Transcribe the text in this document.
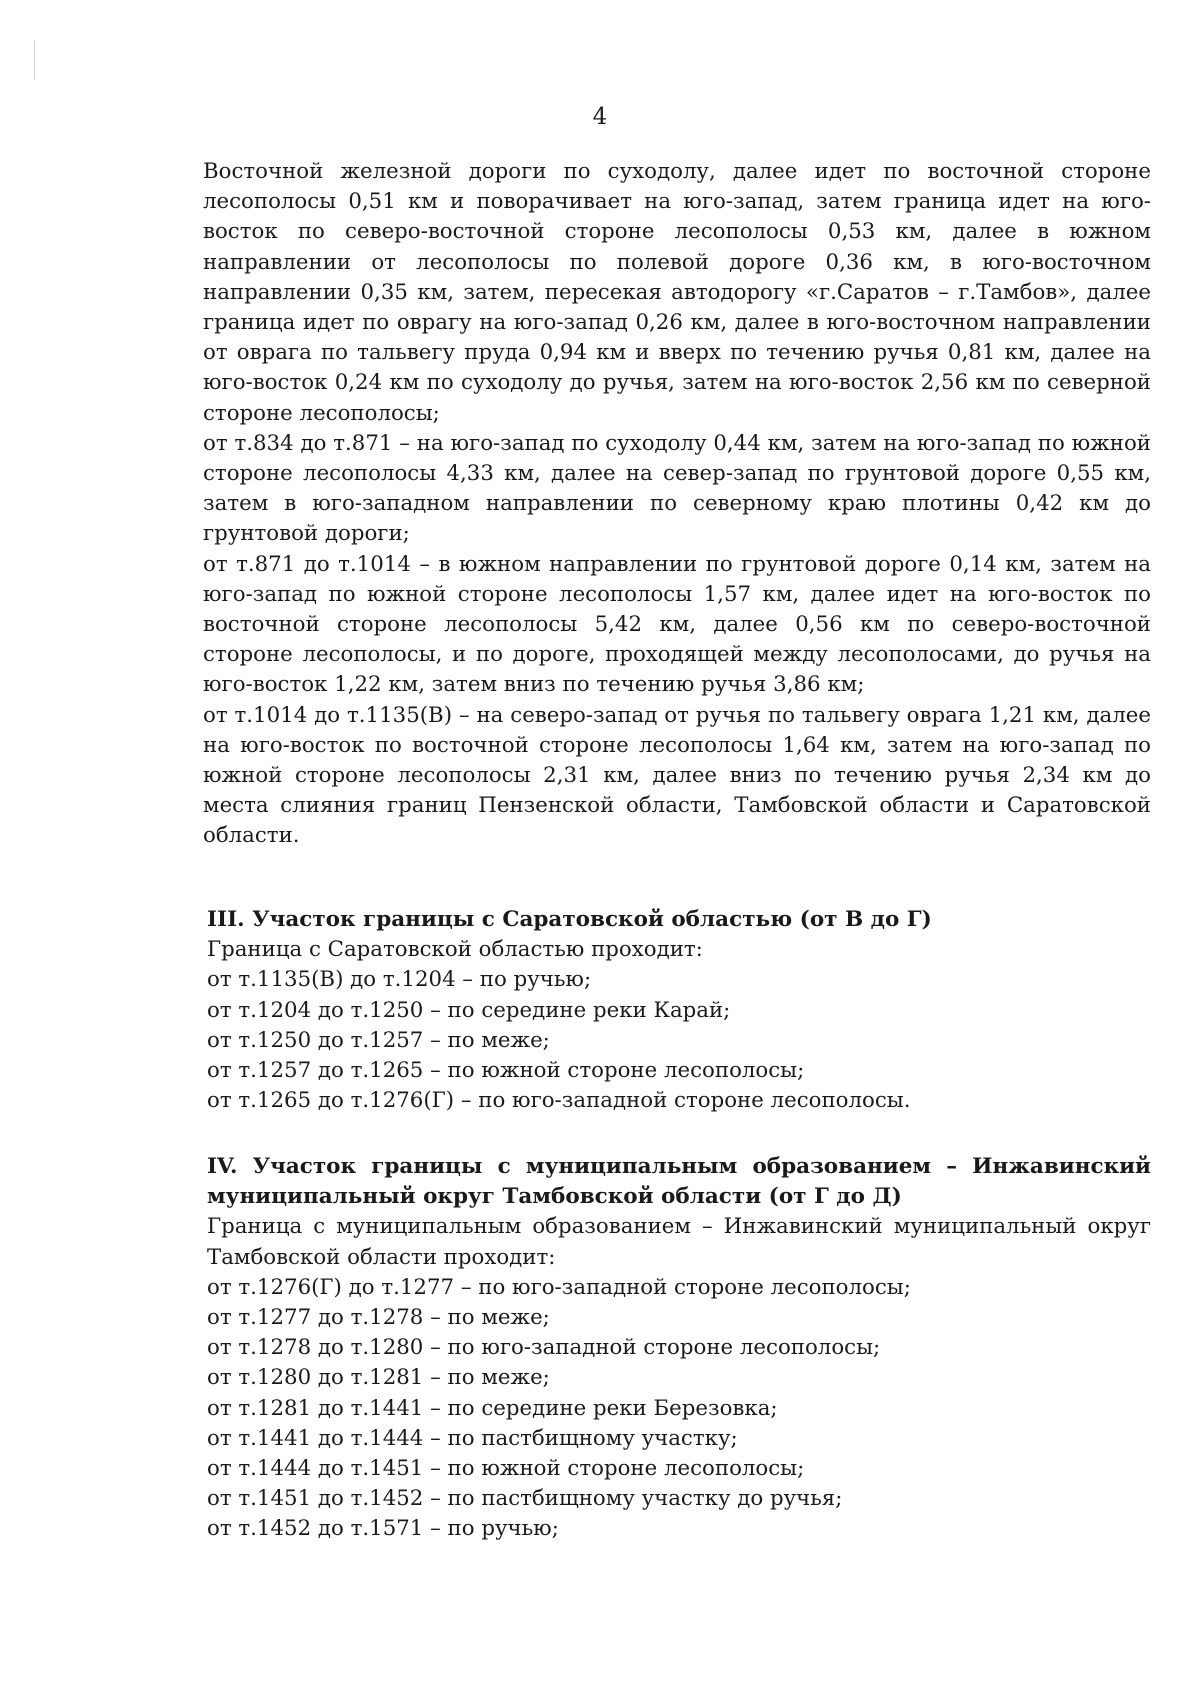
4

Восточной железной дороги по суходолу, далее идет по восточной стороне лесополосы 0,51 км и поворачивает на юго-запад, затем граница идет на юго-восток по северо-восточной стороне лесополосы 0,53 км, далее в южном направлении от лесополосы по полевой дороге 0,36 км, в юго-восточном направлении 0,35 км, затем, пересекая автодорогу «г.Саратов – г.Тамбов», далее граница идет по оврагу на юго-запад 0,26 км, далее в юго-восточном направлении от оврага по тальвегу пруда 0,94 км и вверх по течению ручья 0,81 км, далее на юго-восток 0,24 км по суходолу до ручья, затем на юго-восток 2,56 км по северной стороне лесополосы;

от т.834 до т.871 – на юго-запад по суходолу 0,44 км, затем на юго-запад по южной стороне лесополосы 4,33 км, далее на север-запад по грунтовой дороге 0,55 км, затем в юго-западном направлении по северному краю плотины 0,42 км до грунтовой дороги;

от т.871 до т.1014 – в южном направлении по грунтовой дороге 0,14 км, затем на юго-запад по южной стороне лесополосы 1,57 км, далее идет на юго-восток по восточной стороне лесополосы 5,42 км, далее 0,56 км по северо-восточной стороне лесополосы, и по дороге, проходящей между лесополосами, до ручья на юго-восток 1,22 км, затем вниз по течению ручья 3,86 км;

от т.1014 до т.1135(В) – на северо-запад от ручья по тальвегу оврага 1,21 км, далее на юго-восток по восточной стороне лесополосы 1,64 км, затем на юго-запад по южной стороне лесополосы 2,31 км, далее вниз по течению ручья 2,34 км до места слияния границ Пензенской области, Тамбовской области и Саратовской области.

III. Участок границы с Саратовской областью (от В до Г)

Граница с Саратовской областью проходит:

от т.1135(В) до т.1204 – по ручью;

от т.1204 до т.1250 – по середине реки Карай;

от т.1250 до т.1257 – по меже;

от т.1257 до т.1265 – по южной стороне лесополосы;

от т.1265 до т.1276(Г) – по юго-западной стороне лесополосы.

IV. Участок границы с муниципальным образованием – Инжавинский муниципальный округ Тамбовской области (от Г до Д)

Граница с муниципальным образованием – Инжавинский муниципальный округ Тамбовской области проходит:

от т.1276(Г) до т.1277 – по юго-западной стороне лесополосы;

от т.1277 до т.1278 – по меже;

от т.1278 до т.1280 – по юго-западной стороне лесополосы;

от т.1280 до т.1281 – по меже;

от т.1281 до т.1441 – по середине реки Березовка;

от т.1441 до т.1444 – по пастбищному участку;

от т.1444 до т.1451 – по южной стороне лесополосы;

от т.1451 до т.1452 – по пастбищному участку до ручья;

от т.1452 до т.1571 – по ручью;
